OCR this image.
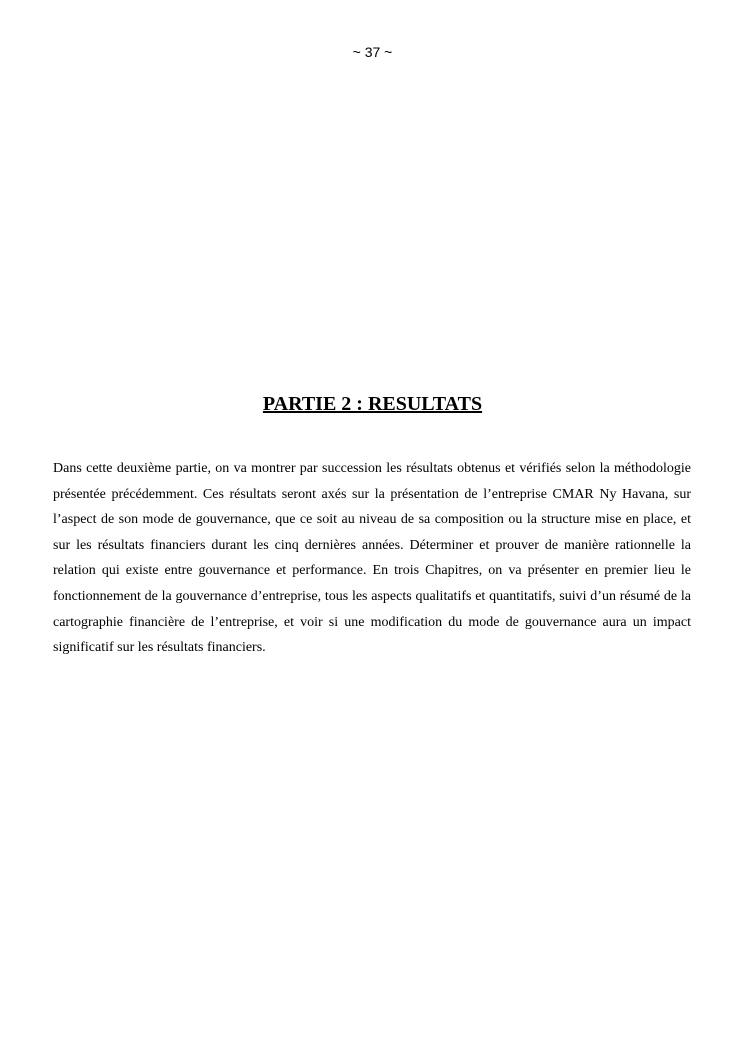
~ 37 ~
PARTIE 2 : RESULTATS

Dans cette deuxième partie, on va montrer par succession les résultats obtenus et vérifiés selon la méthodologie présentée précédemment. Ces résultats seront axés sur la présentation de l’entreprise CMAR Ny Havana, sur l’aspect de son mode de gouvernance, que ce soit au niveau de sa composition ou la structure mise en place, et sur les résultats financiers durant les cinq dernières années. Déterminer et prouver de manière rationnelle la relation qui existe entre gouvernance et performance. En trois Chapitres, on va présenter en premier lieu le fonctionnement de la gouvernance d’entreprise, tous les aspects qualitatifs et quantitatifs, suivi d’un résumé de la cartographie financière de l’entreprise, et voir si une modification du mode de gouvernance aura un impact significatif sur les résultats financiers.
